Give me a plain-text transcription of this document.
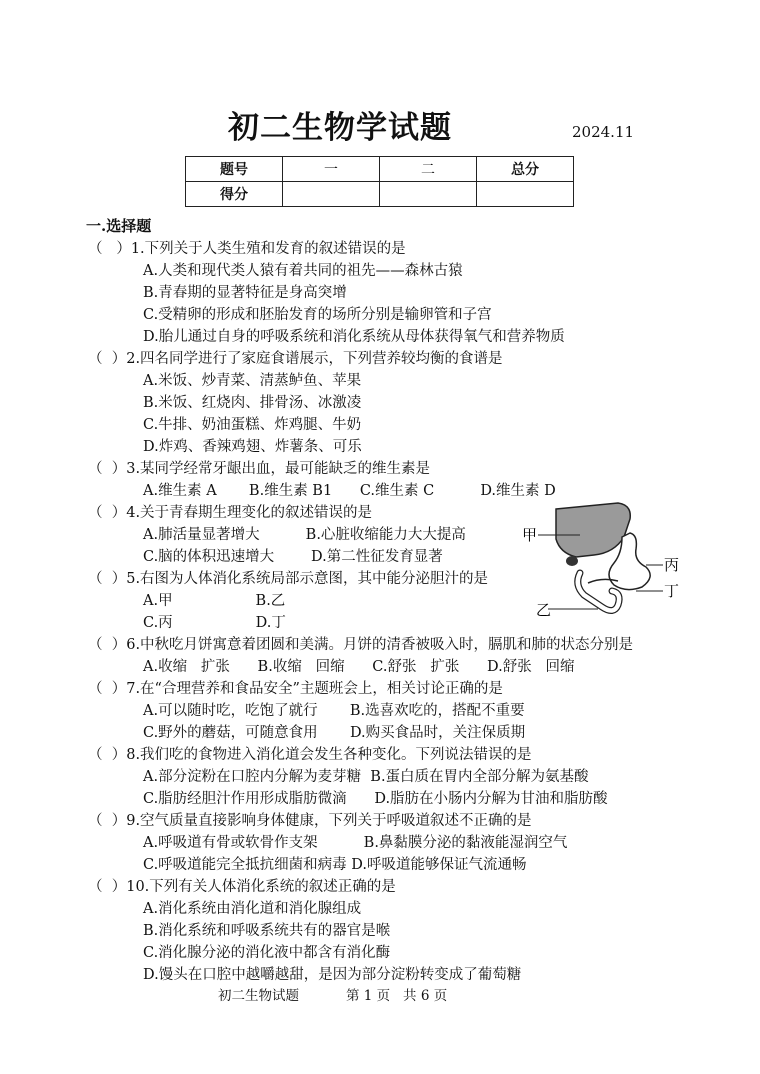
初二生物学试题	2024.11
题号	一	二	总分
得分			
一.选择题
（   ）1.下列关于人类生殖和发育的叙述错误的是
A.人类和现代类人猿有着共同的祖先——森林古猿
B.青春期的显著特征是身高突增
C.受精卵的形成和胚胎发育的场所分别是输卵管和子宫
D.胎儿通过自身的呼吸系统和消化系统从母体获得氧气和营养物质
（  ）2.四名同学进行了家庭食谱展示，下列营养较均衡的食谱是
A.米饭、炒青菜、清蒸鲈鱼、苹果
B.米饭、红烧肉、排骨汤、冰激凌
C.牛排、奶油蛋糕、炸鸡腿、牛奶
D.炸鸡、香辣鸡翅、炸薯条、可乐
（  ）3.某同学经常牙龈出血，最可能缺乏的维生素是
A.维生素 A       B.维生素 B1      C.维生素 C          D.维生素 D
（  ）4.关于青春期生理变化的叙述错误的是
A.肺活量显著增大          B.心脏收缩能力大大提高
C.脑的体积迅速增大        D.第二性征发育显著
（  ）5.右图为人体消化系统局部示意图，其中能分泌胆汁的是
A.甲                  B.乙
C.丙                  D.丁
（  ）6.中秋吃月饼寓意着团圆和美满。月饼的清香被吸入时，膈肌和肺的状态分别是
A.收缩   扩张      B.收缩   回缩      C.舒张   扩张      D.舒张   回缩
（  ）7.在“合理营养和食品安全”主题班会上，相关讨论正确的是
A.可以随时吃，吃饱了就行       B.选喜欢吃的，搭配不重要
C.野外的蘑菇，可随意食用       D.购买食品时，关注保质期
（  ）8.我们吃的食物进入消化道会发生各种变化。下列说法错误的是
A.部分淀粉在口腔内分解为麦芽糖  B.蛋白质在胃内全部分解为氨基酸
C.脂肪经胆汁作用形成脂肪微滴      D.脂肪在小肠内分解为甘油和脂肪酸
（  ）9.空气质量直接影响身体健康，下列关于呼吸道叙述不正确的是
A.呼吸道有骨或软骨作支架          B.鼻黏膜分泌的黏液能湿润空气
C.呼吸道能完全抵抗细菌和病毒 D.呼吸道能够保证气流通畅
（  ）10.下列有关人体消化系统的叙述正确的是
A.消化系统由消化道和消化腺组成
B.消化系统和呼吸系统共有的器官是喉
C.消化腺分泌的消化液中都含有消化酶
D.馒头在口腔中越嚼越甜，是因为部分淀粉转变成了葡萄糖
甲
丙
丁
乙
初二生物试题	第 1 页   共 6 页
